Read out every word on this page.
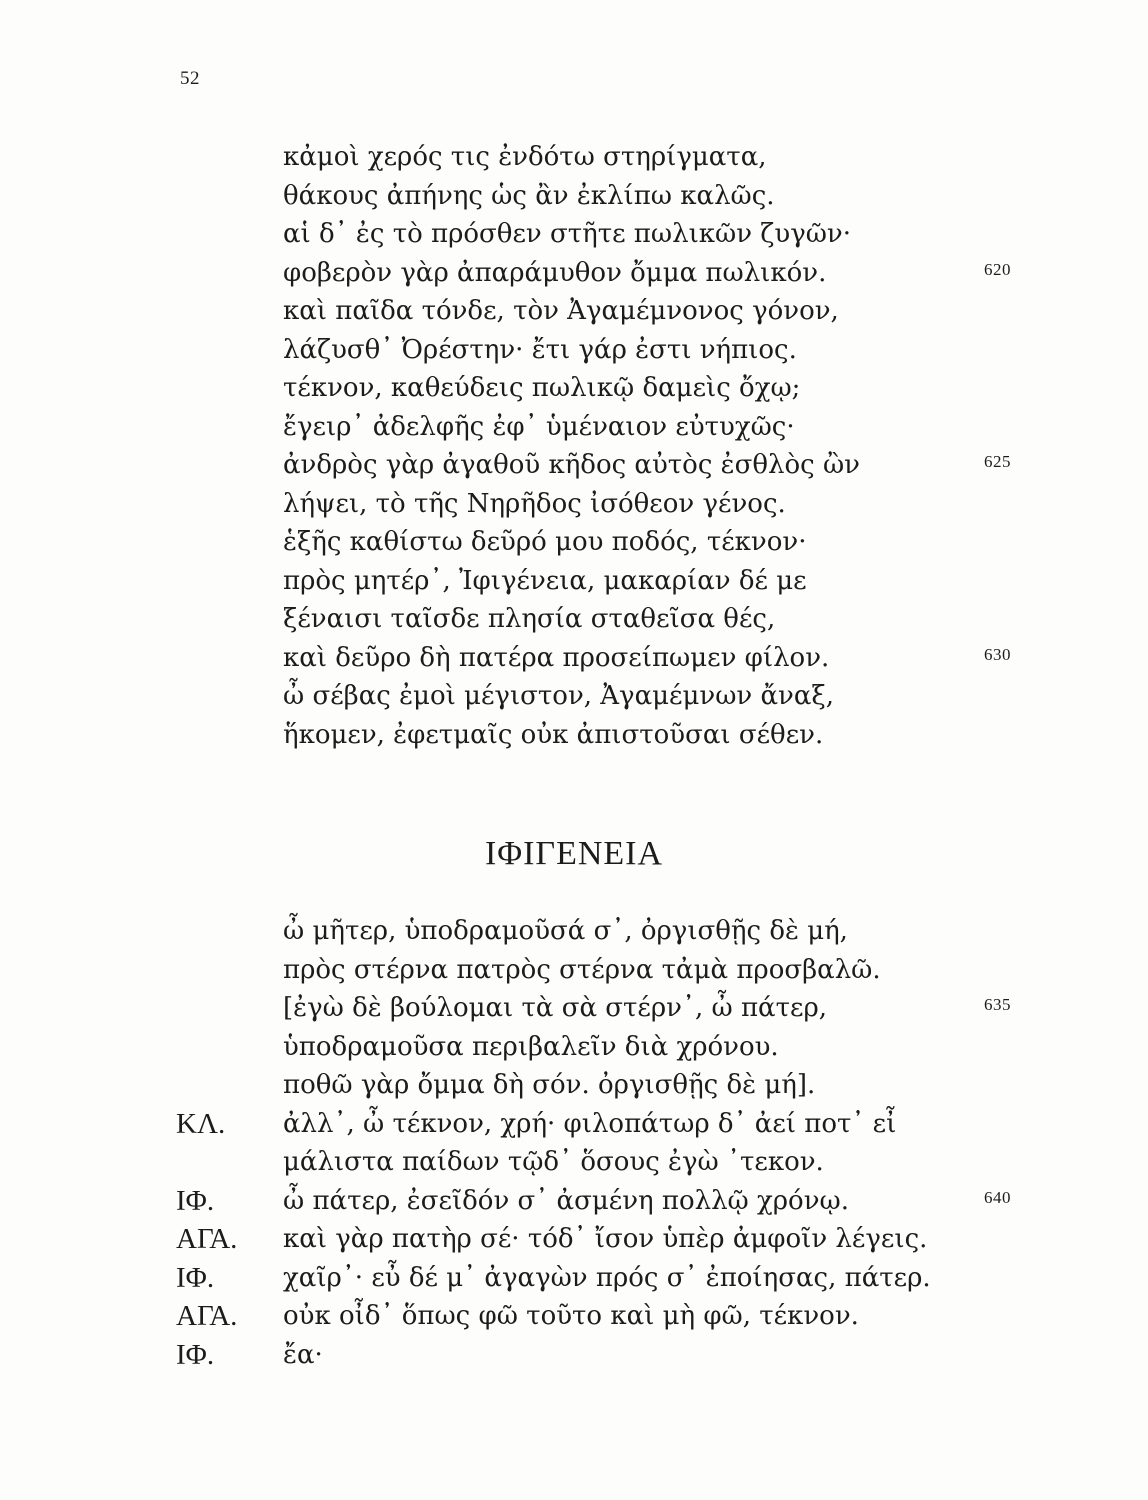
52
κἀμοὶ χερός τις ἐνδότω στηρίγματα,
θάκους ἀπήνης ὡς ἂν ἐκλίπω καλῶς.
αἱ δ᾿ ἐς τὸ πρόσθεν στῆτε πωλικῶν ζυγῶν·
φοβερὸν γὰρ ἀπαράμυθον ὄμμα πωλικόν.	620
καὶ παῖδα τόνδε, τὸν Ἀγαμέμνονος γόνον,
λάζυσθ᾿ Ὀρέστην· ἔτι γάρ ἐστι νήπιος.
τέκνον, καθεύδεις πωλικῷ δαμεὶς ὄχῳ;
ἔγειρ᾿ ἀδελφῆς ἐφ᾿ ὑμέναιον εὐτυχῶς·
ἀνδρὸς γὰρ ἀγαθοῦ κῆδος αὐτὸς ἐσθλὸς ὢν	625
λήψει, τὸ τῆς Νηρῆδος ἰσόθεον γένος.
ἑξῆς καθίστω δεῦρό μου ποδός, τέκνον·
πρὸς μητέρ᾿, Ἰφιγένεια, μακαρίαν δέ με
ξέναισι ταῖσδε πλησία σταθεῖσα θές,
καὶ δεῦρο δὴ πατέρα προσείπωμεν φίλον.	630
ὦ σέβας ἐμοὶ μέγιστον, Ἀγαμέμνων ἄναξ,
ἥκομεν, ἐφετμαῖς οὐκ ἀπιστοῦσαι σέθεν.
ΙΦΙΓΕΝΕΙΑ
ὦ μῆτερ, ὑποδραμοῦσά σ᾿, ὀργισθῇς δὲ μή,
πρὸς στέρνα πατρὸς στέρνα τἀμὰ προσβαλῶ.
[ἐγὼ δὲ βούλομαι τὰ σὰ στέρν᾿, ὦ πάτερ,	635
ὑποδραμοῦσα περιβαλεῖν διὰ χρόνου.
ποθῶ γὰρ ὄμμα δὴ σόν. ὀργισθῇς δὲ μή].
ΚΛ. ἀλλ᾿, ὦ τέκνον, χρή· φιλοπάτωρ δ᾿ ἀεί ποτ᾿ εἶ
μάλιστα παίδων τῷδ᾿ ὅσους ἐγὼ ᾿τεκον.
ΙΦ.	ὦ πάτερ, ἐσεῖδόν σ᾿ ἀσμένη πολλῷ χρόνῳ.	640
ΑΓΑ. καὶ γὰρ πατὴρ σέ· τόδ᾿ ἴσον ὑπὲρ ἀμφοῖν λέγεις.
ΙΦ.	χαῖρ᾿· εὖ δέ μ᾿ ἀγαγὼν πρός σ᾿ ἐποίησας, πάτερ.
ΑΓΑ. οὐκ οἶδ᾿ ὅπως φῶ τοῦτο καὶ μὴ φῶ, τέκνον.
ΙΦ.	ἔα·
